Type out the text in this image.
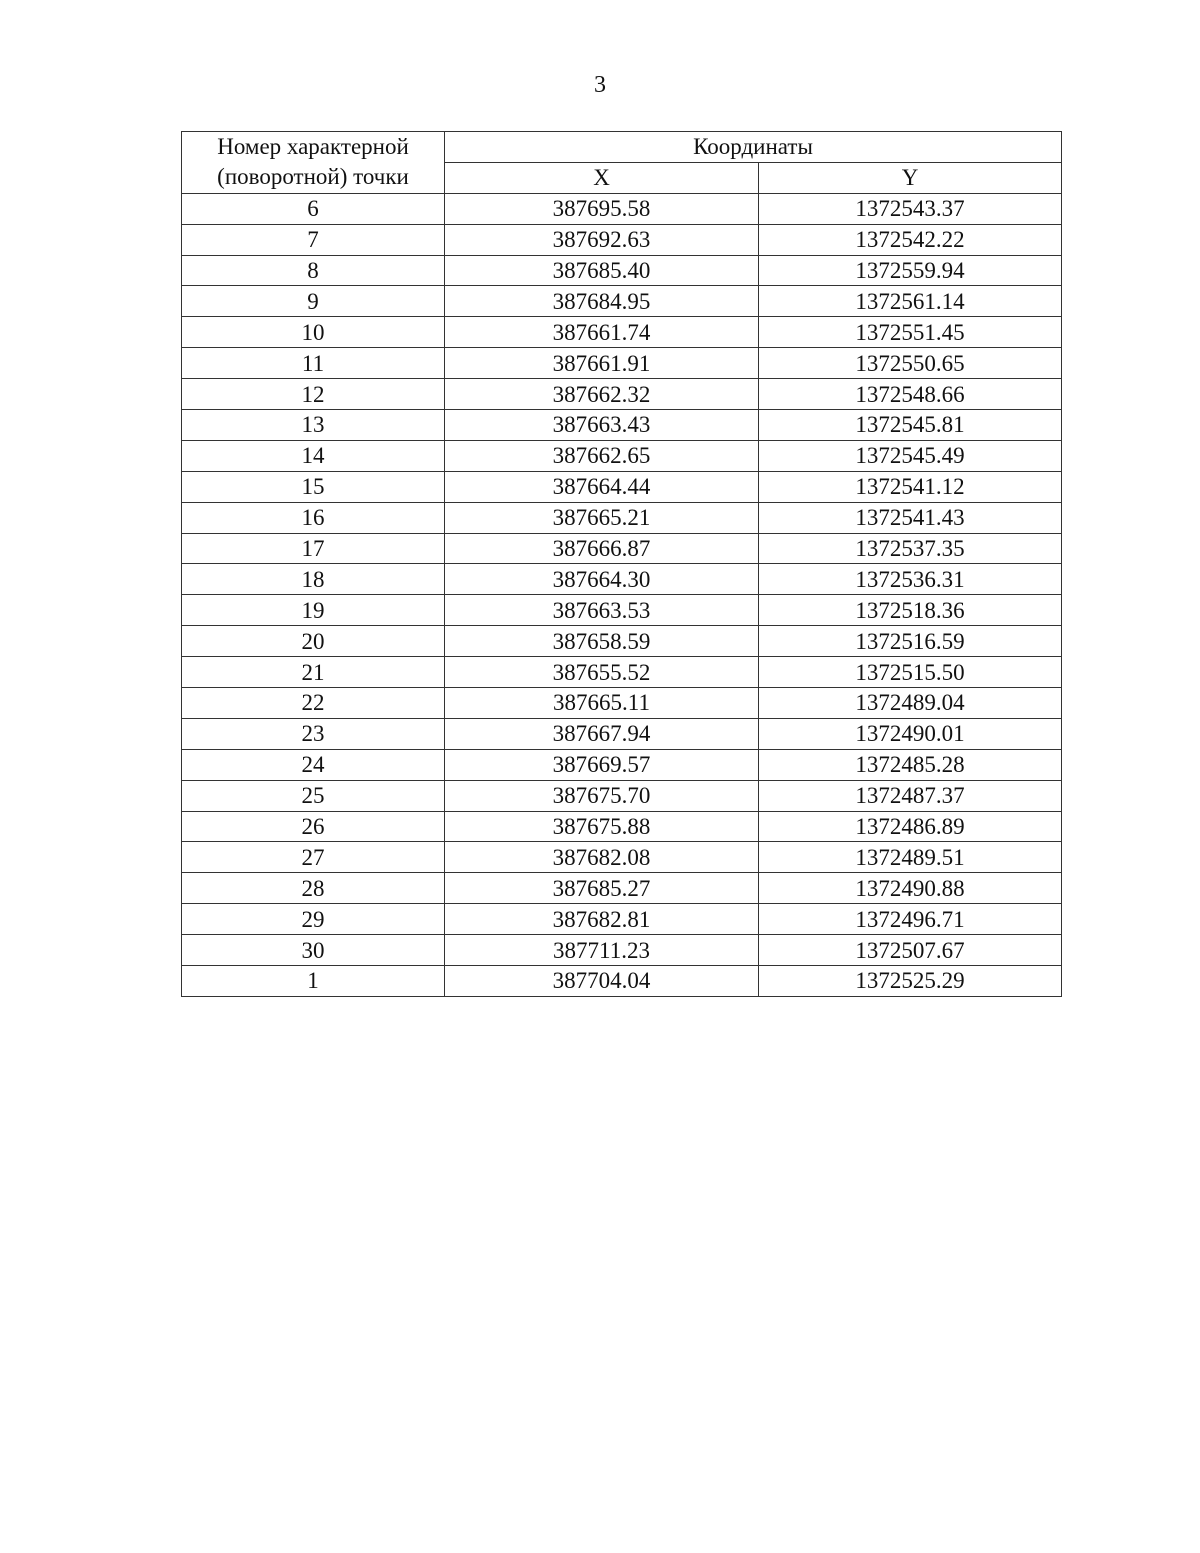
3
Номер характерной
(поворотной) точки	Координаты	
	X	Y
6	387695.58	1372543.37
7	387692.63	1372542.22
8	387685.40	1372559.94
9	387684.95	1372561.14
10	387661.74	1372551.45
11	387661.91	1372550.65
12	387662.32	1372548.66
13	387663.43	1372545.81
14	387662.65	1372545.49
15	387664.44	1372541.12
16	387665.21	1372541.43
17	387666.87	1372537.35
18	387664.30	1372536.31
19	387663.53	1372518.36
20	387658.59	1372516.59
21	387655.52	1372515.50
22	387665.11	1372489.04
23	387667.94	1372490.01
24	387669.57	1372485.28
25	387675.70	1372487.37
26	387675.88	1372486.89
27	387682.08	1372489.51
28	387685.27	1372490.88
29	387682.81	1372496.71
30	387711.23	1372507.67
1	387704.04	1372525.29
